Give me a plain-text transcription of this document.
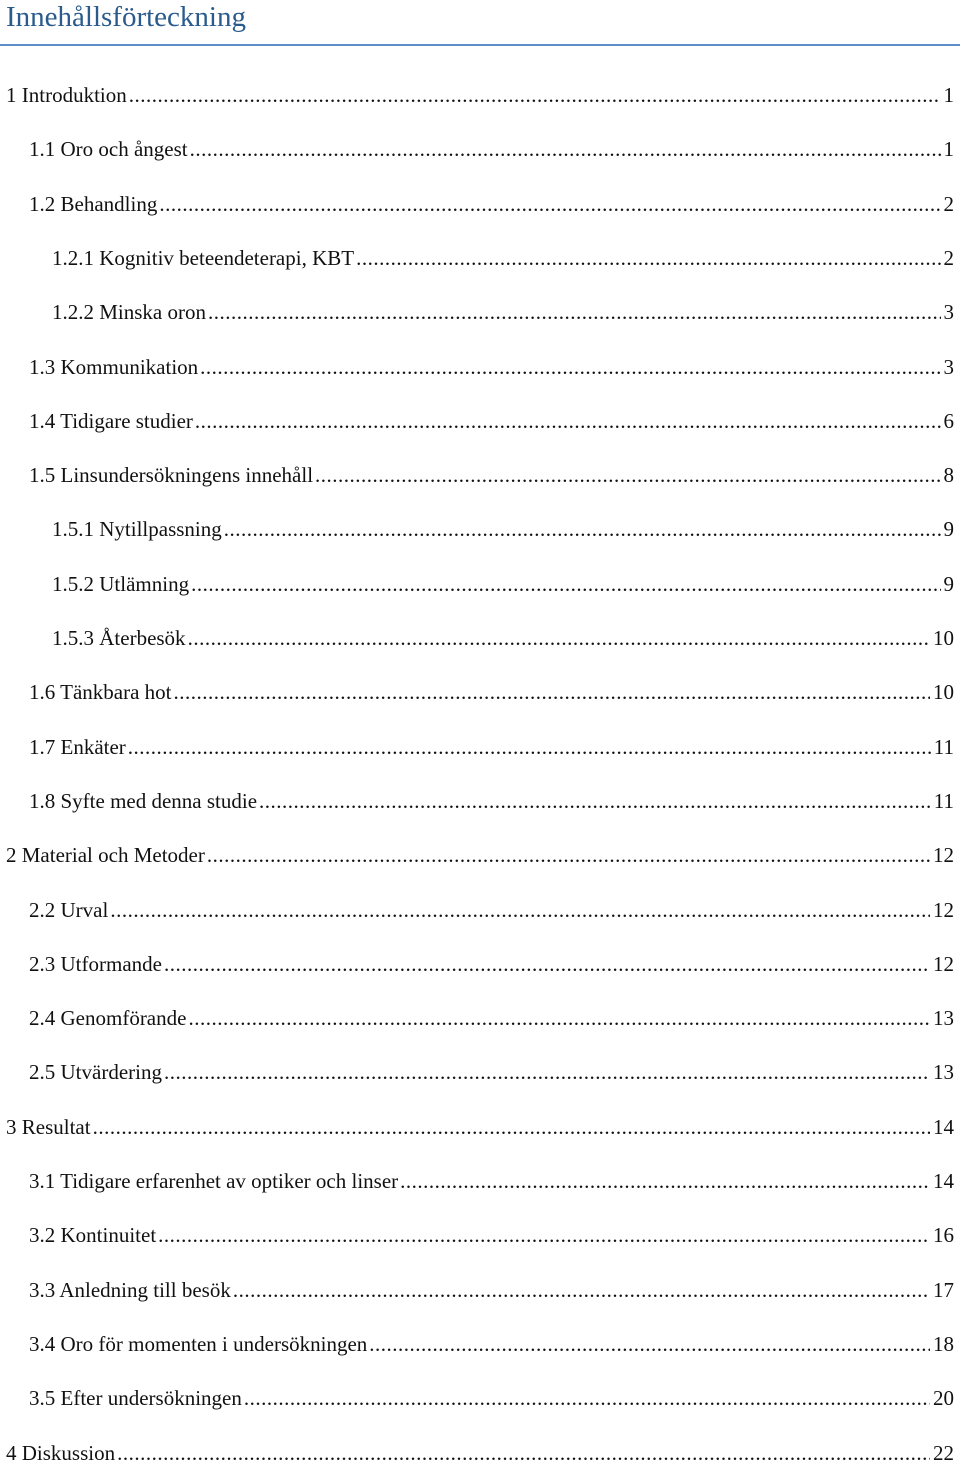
Innehållsförteckning
1 Introduktion .....	1
1.1 Oro och ångest .....	1
1.2 Behandling .....	2
1.2.1 Kognitiv beteendeterapi, KBT .....	2
1.2.2 Minska oron .....	3
1.3 Kommunikation .....	3
1.4 Tidigare studier .....	6
1.5 Linsundersökningens innehåll .....	8
1.5.1 Nytillpassning .....	9
1.5.2 Utlämning .....	9
1.5.3 Återbesök .....	10
1.6 Tänkbara hot .....	10
1.7 Enkäter .....	11
1.8 Syfte med denna studie .....	11
2 Material och Metoder .....	12
2.2 Urval .....	12
2.3 Utformande .....	12
2.4 Genomförande .....	13
2.5 Utvärdering .....	13
3 Resultat .....	14
3.1 Tidigare erfarenhet av optiker och linser .....	14
3.2 Kontinuitet .....	16
3.3 Anledning till besök .....	17
3.4 Oro för momenten i undersökningen .....	18
3.5 Efter undersökningen .....	20
4 Diskussion .....	22
